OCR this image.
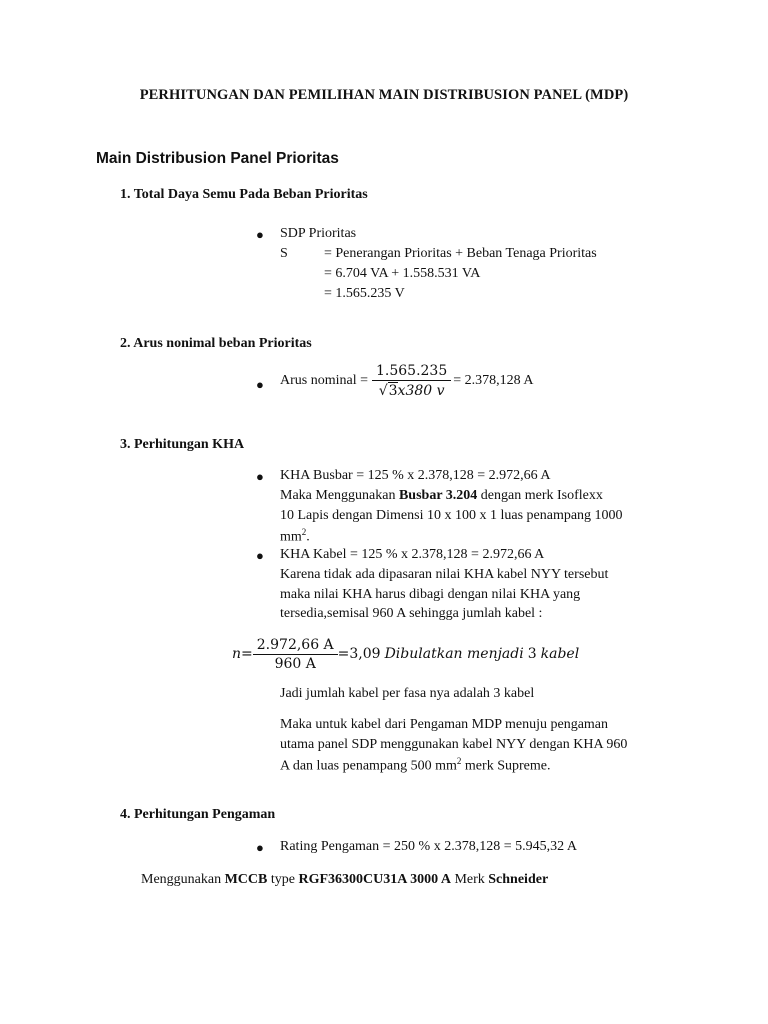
PERHITUNGAN DAN PEMILIHAN MAIN DISTRIBUSION PANEL (MDP)
Main Distribusion Panel Prioritas
1. Total Daya Semu Pada Beban Prioritas
● SDP Prioritas
S	= Penerangan Prioritas + Beban Tenaga Prioritas
= 6.704 VA + 1.558.531 VA
= 1.565.235 V
2. Arus nonimal beban Prioritas
● Arus nominal = $\frac{1.565.235}{√3x380 v} = 2.378,128$ A
3. Perhitungan KHA
● KHA Busbar = 125 % x 2.378,128 = 2.972,66 A
Maka Menggunakan Busbar 3.204 dengan merk Isoflexx
10 Lapis dengan Dimensi 10 x 100 x 1 luas penampang 1000
$mm^2$.
● KHA Kabel = 125 % x 2.378,128 = 2.972,66 A
Karena tidak ada dipasaran nilai KHA kabel NYY tersebut
maka nilai KHA harus dibagi dengan nilai KHA yang
tersedia,semisal 960 A sehingga jumlah kabel :
$n = \frac{2.972,66 A}{960 A} =3,09$ Dibulatkan menjadi 3 kabel
Jadi jumlah kabel per fasa nya adalah 3 kabel
Maka untuk kabel dari Pengaman MDP menuju pengaman
utama panel SDP menggunakan kabel NYY dengan KHA 960
A dan luas penampang 500 $mm^2$ merk Supreme.
4. Perhitungan Pengaman
● Rating Pengaman = 250 % x 2.378,128 = 5.945,32 A
Menggunakan MCCB type RGF36300CU31A 3000 A Merk Schneider
